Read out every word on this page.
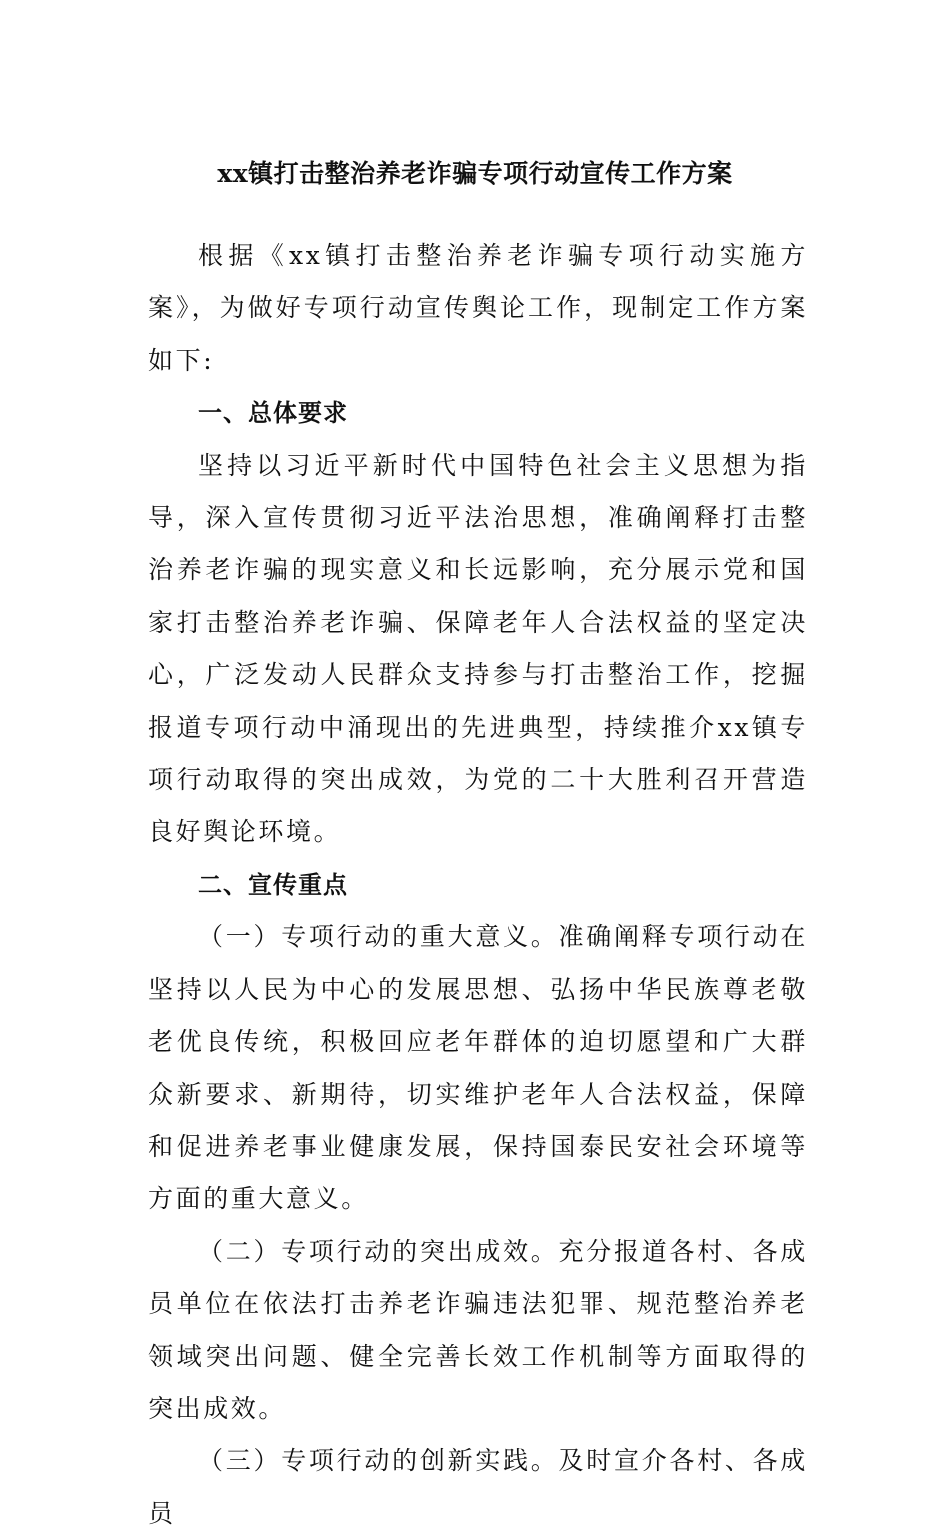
xx镇打击整治养老诈骗专项行动宣传工作方案

根据《xx镇打击整治养老诈骗专项行动实施方案》，为做好专项行动宣传舆论工作，现制定工作方案如下:

一、总体要求

坚持以习近平新时代中国特色社会主义思想为指导，深入宣传贯彻习近平法治思想，准确阐释打击整治养老诈骗的现实意义和长远影响，充分展示党和国家打击整治养老诈骗、保障老年人合法权益的坚定决心，广泛发动人民群众支持参与打击整治工作，挖掘报道专项行动中涌现出的先进典型，持续推介xx镇专项行动取得的突出成效，为党的二十大胜利召开营造良好舆论环境。

二、宣传重点

（一）专项行动的重大意义。准确阐释专项行动在坚持以人民为中心的发展思想、弘扬中华民族尊老敬老优良传统，积极回应老年群体的迫切愿望和广大群众新要求、新期待，切实维护老年人合法权益，保障和促进养老事业健康发展，保持国泰民安社会环境等方面的重大意义。

（二）专项行动的突出成效。充分报道各村、各成员单位在依法打击养老诈骗违法犯罪、规范整治养老领域突出问题、健全完善长效工作机制等方面取得的突出成效。

（三）专项行动的创新实践。及时宣介各村、各成员
